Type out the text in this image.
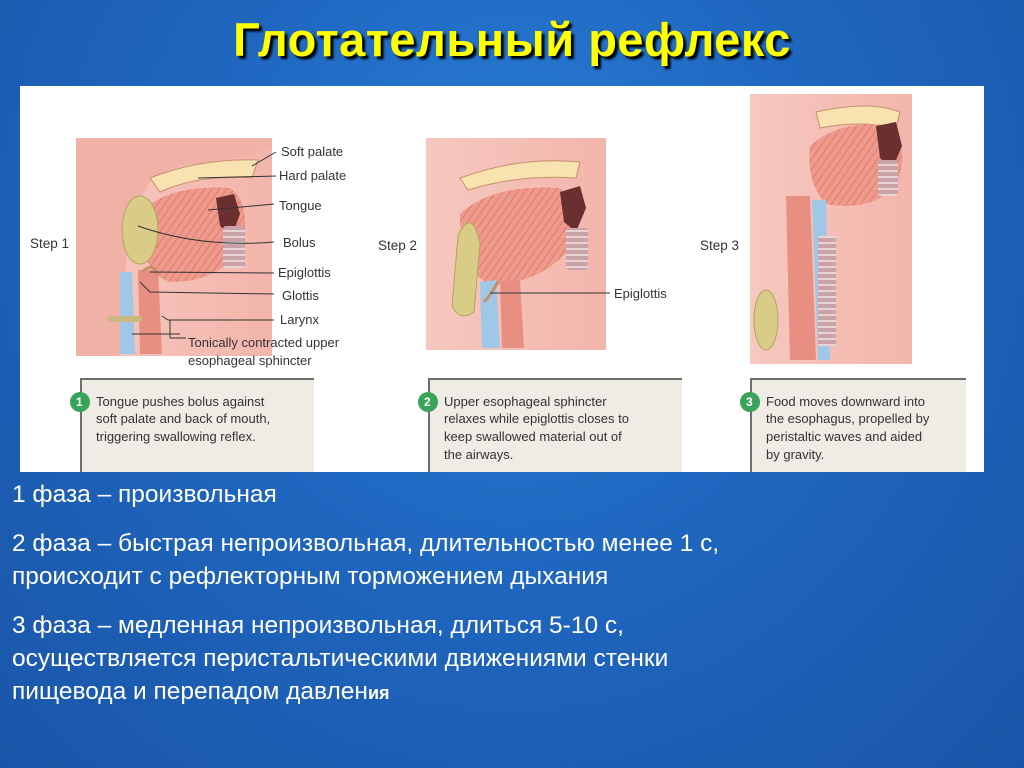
Глотательный рефлекс
Soft palate
Hard palate
Tongue
Bolus
Epiglottis
Glottis
Larynx
Tonically contracted upper
esophageal sphincter
Step 1
Epiglottis
Step 2	Step 3
1 Tongue pushes bolus against
soft palate and back of mouth,
triggering swallowing reflex.
2 Upper esophageal sphincter
relaxes while epiglottis closes to
keep swallowed material out of
the airways.
3 Food moves downward into
the esophagus, propelled by
peristaltic waves and aided
by gravity.
1 фаза – произвольная
2 фаза – быстрая непроизвольная, длительностью менее 1 с,
происходит с рефлекторным торможением дыхания
3 фаза – медленная непроизвольная, длиться 5-10 с,
осуществляется перистальтическими движениями стенки
пищевода и перепадом давления
